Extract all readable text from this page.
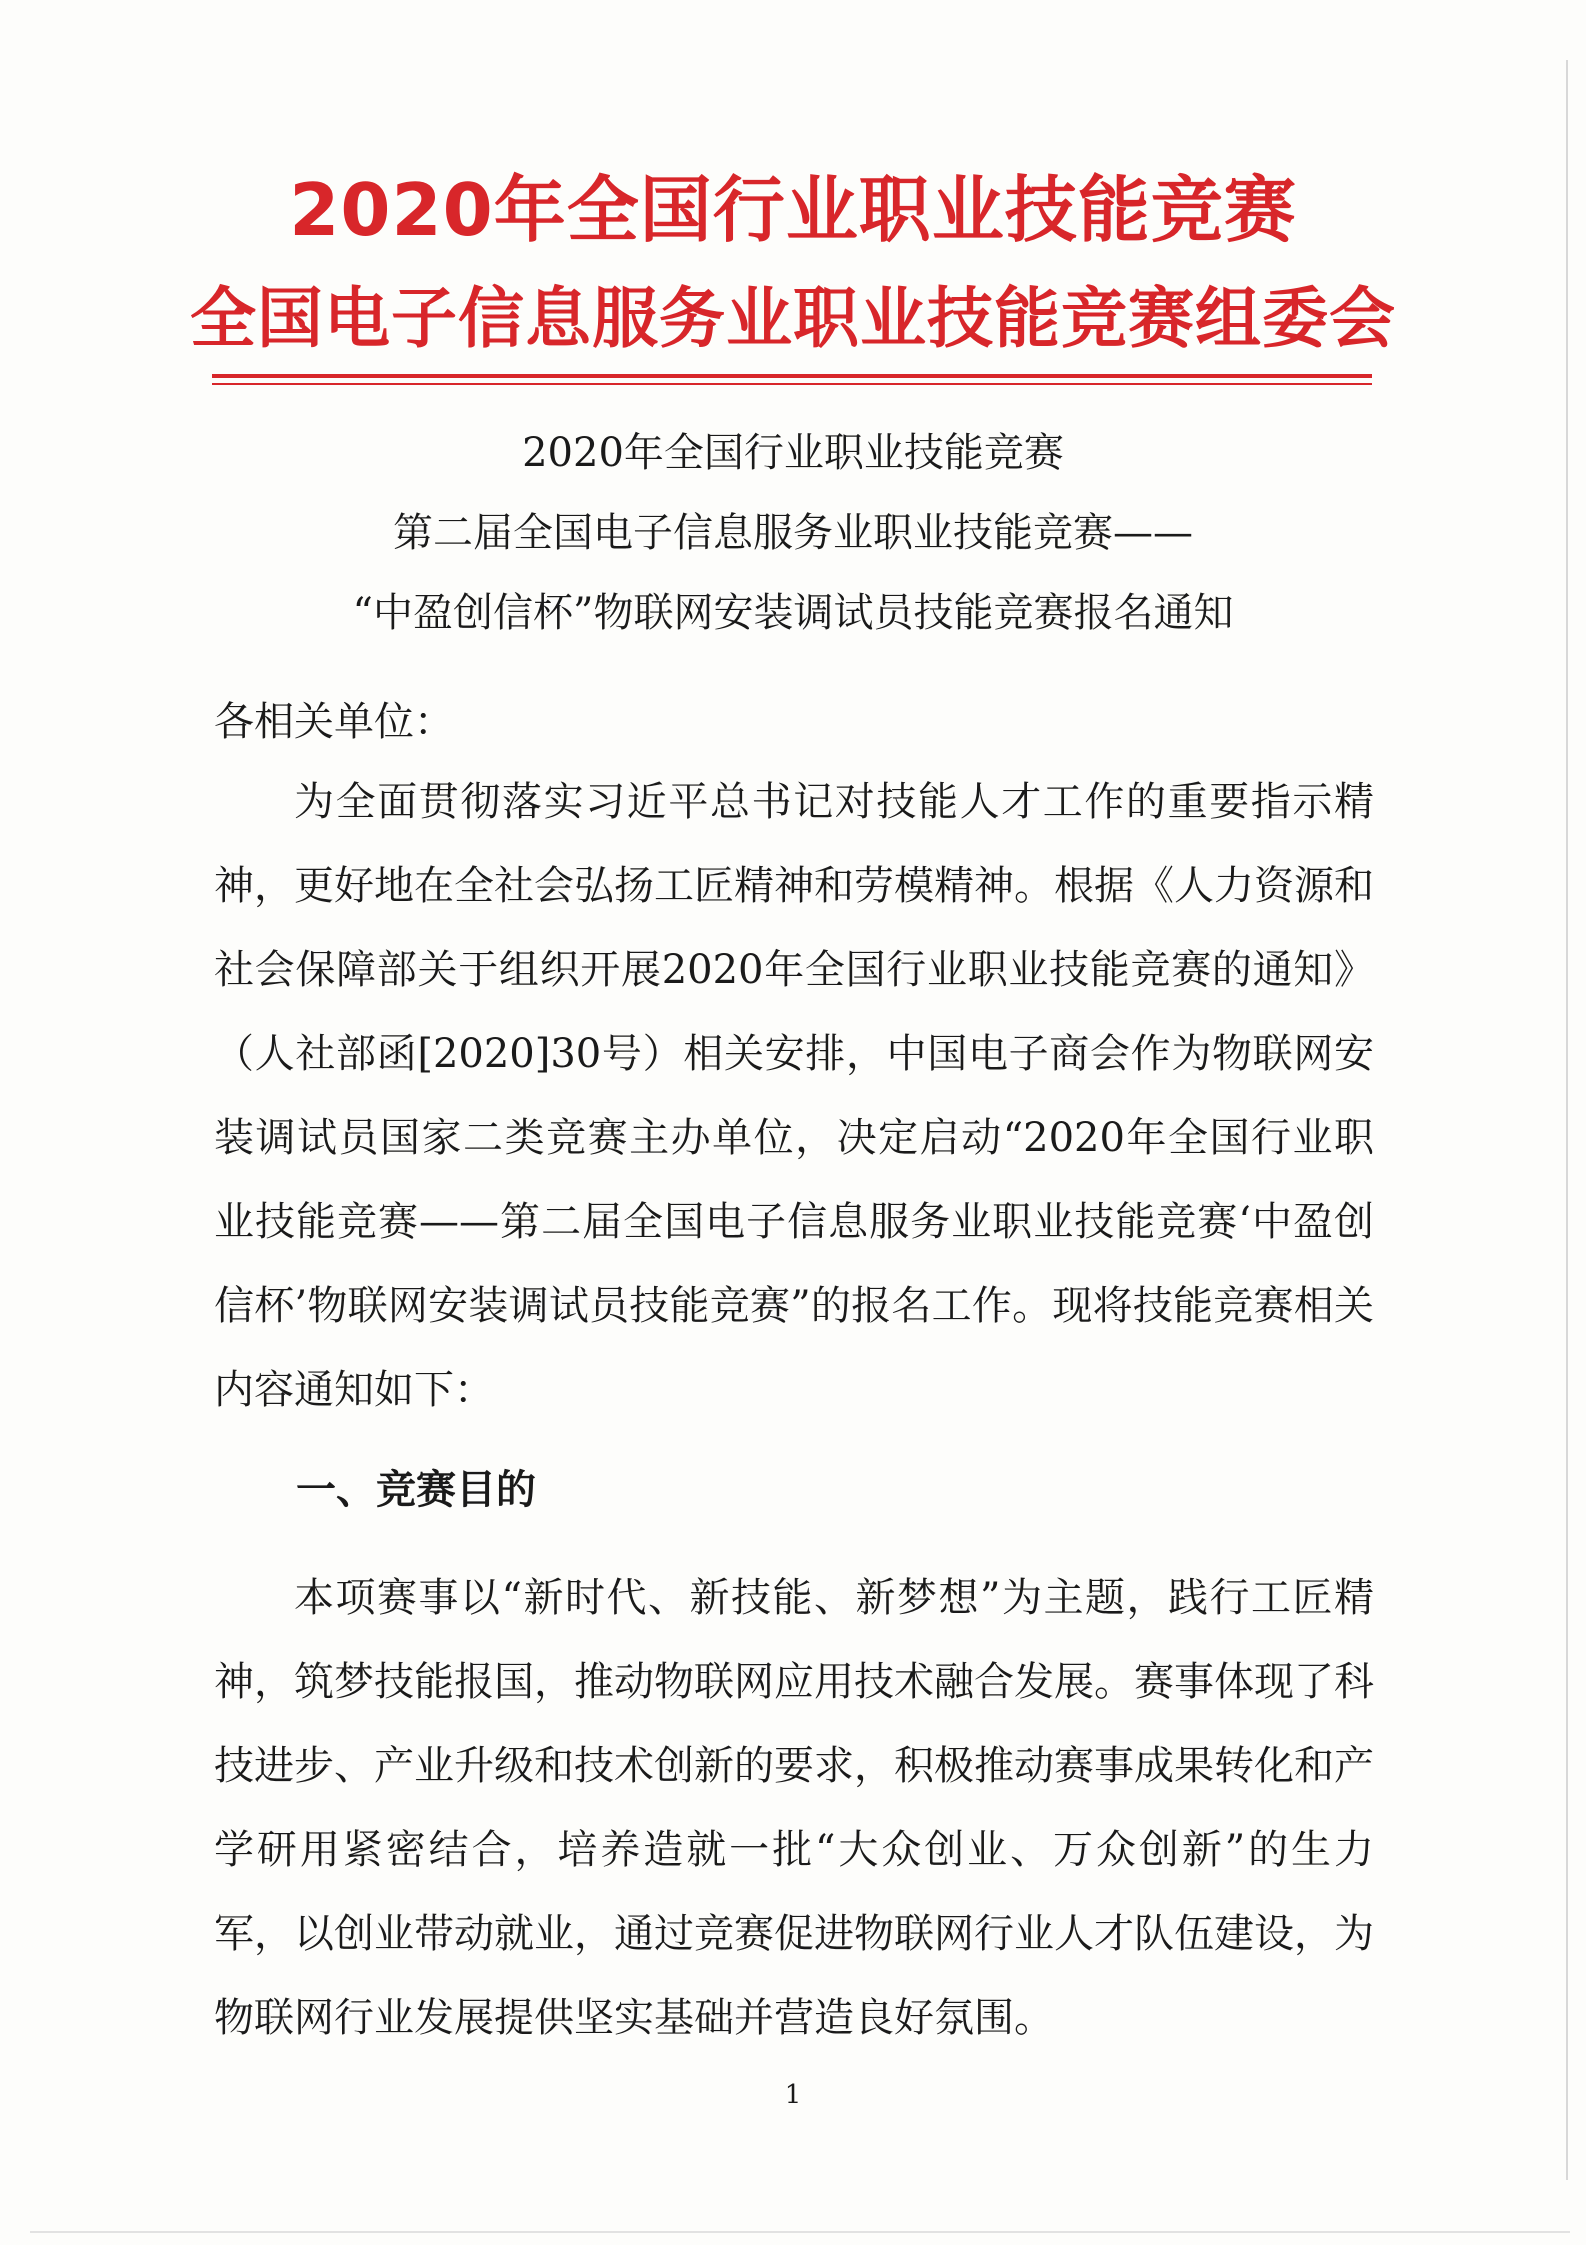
2020年全国行业职业技能竞赛
全国电子信息服务业职业技能竞赛组委会
2020年全国行业职业技能竞赛
第二届全国电子信息服务业职业技能竞赛——
“中盈创信杯”物联网安装调试员技能竞赛报名通知
各相关单位：
为全面贯彻落实习近平总书记对技能人才工作的重要指示精神，更好地在全社会弘扬工匠精神和劳模精神。根据《人力资源和社会保障部关于组织开展2020年全国行业职业技能竞赛的通知》（人社部函[2020]30号）相关安排，中国电子商会作为物联网安装调试员国家二类竞赛主办单位，决定启动“2020年全国行业职业技能竞赛——第二届全国电子信息服务业职业技能竞赛‘中盈创信杯’物联网安装调试员技能竞赛”的报名工作。现将技能竞赛相关内容通知如下：
一、竞赛目的
本项赛事以“新时代、新技能、新梦想”为主题，践行工匠精神，筑梦技能报国，推动物联网应用技术融合发展。赛事体现了科技进步、产业升级和技术创新的要求，积极推动赛事成果转化和产学研用紧密结合，培养造就一批“大众创业、万众创新”的生力军，以创业带动就业，通过竞赛促进物联网行业人才队伍建设，为物联网行业发展提供坚实基础并营造良好氛围。
1
